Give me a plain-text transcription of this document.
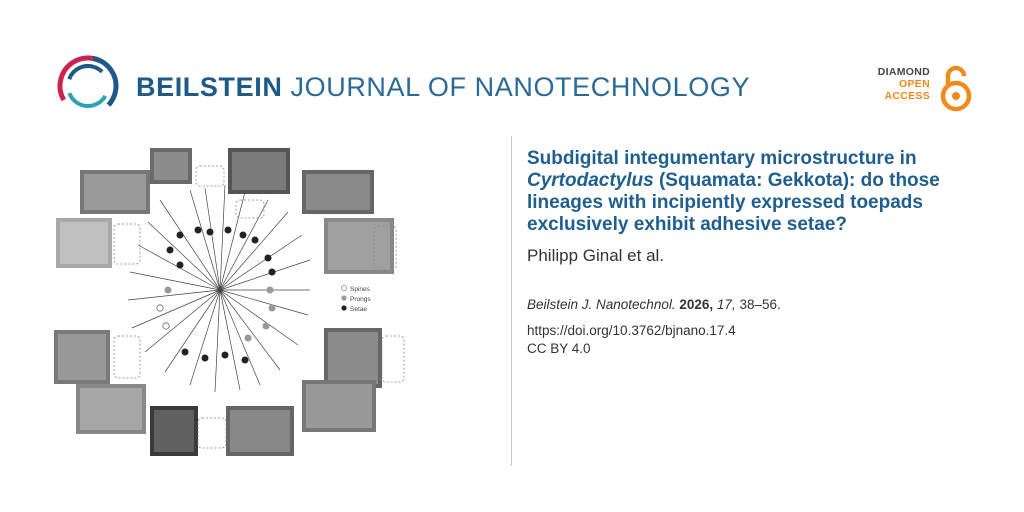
BEILSTEIN JOURNAL OF NANOTECHNOLOGY	DIAMOND
OPEN
ACCESS
Spines
Prongs
Setae

Subdigital integumentary microstructure in Cyrtodactylus (Squamata: Gekkota): do those lineages with incipiently expressed toepads exclusively exhibit adhesive setae?

Philipp Ginal et al.
Beilstein J. Nanotechnol. 2026, 17, 38–56.
https://doi.org/10.3762/bjnano.17.4
CC BY 4.0
